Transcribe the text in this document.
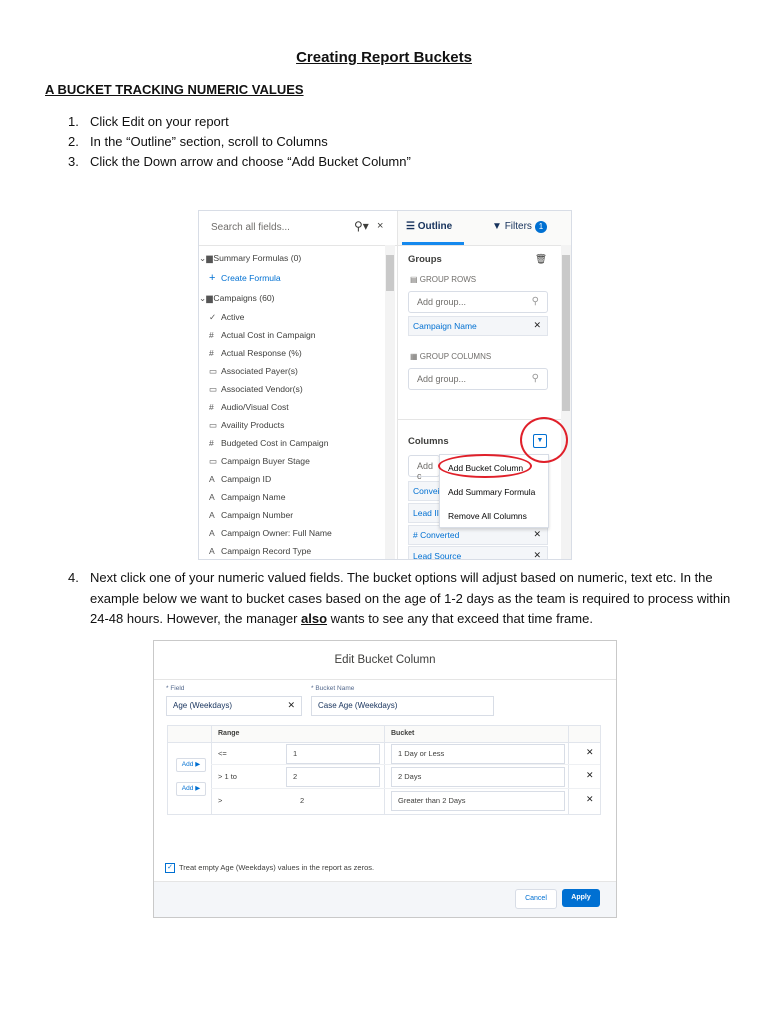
Creating Report Buckets
A BUCKET TRACKING NUMERIC VALUES
1. Click Edit on your report
2. In the “Outline” section, scroll to Columns
3. Click the Down arrow and choose “Add Bucket Column”
Search all fields...	⚲▾ ×
⌄▆ Summary Formulas (0)
+ Create Formula
⌄▆ Campaigns (60)
✓ Active
# Actual Cost in Campaign
# Actual Response (%)
▭ Associated Payer(s)
▭ Associated Vendor(s)
# Audio/Visual Cost
▭ Availity Products
# Budgeted Cost in Campaign
▭ Campaign Buyer Stage
A Campaign ID
A Campaign Name
A Campaign Number
A Campaign Owner: Full Name
A Campaign Record Type
☰ Outline	▼ Filters 1
Groups	🗑
▤ GROUP ROWS
Add group...	⚲
Campaign Name	✕
▦ GROUP COLUMNS
Add group...	⚲
Columns	▼
Add c
Convei
Lead II
# Converted	✕
Lead Source	✕
Add Bucket Column
Add Summary Formula
Remove All Columns
4. Next click one of your numeric valued fields. The bucket options will adjust based on numeric, text etc. In the example below we want to bucket cases based on the age of 1-2 days as the team is required to process within 24-48 hours. However, the manager also wants to see any that exceed that time frame.
Edit Bucket Column
* Field
Age (Weekdays)	✕
* Bucket Name
Case Age (Weekdays)
Range	Bucket
<=	1	1 Day or Less	✕
> 1 to	2	2 Days	✕
>	2	Greater than 2 Days	✕
Add ▶
Add ▶
✓ Treat empty Age (Weekdays) values in the report as zeros.
Cancel	Apply
